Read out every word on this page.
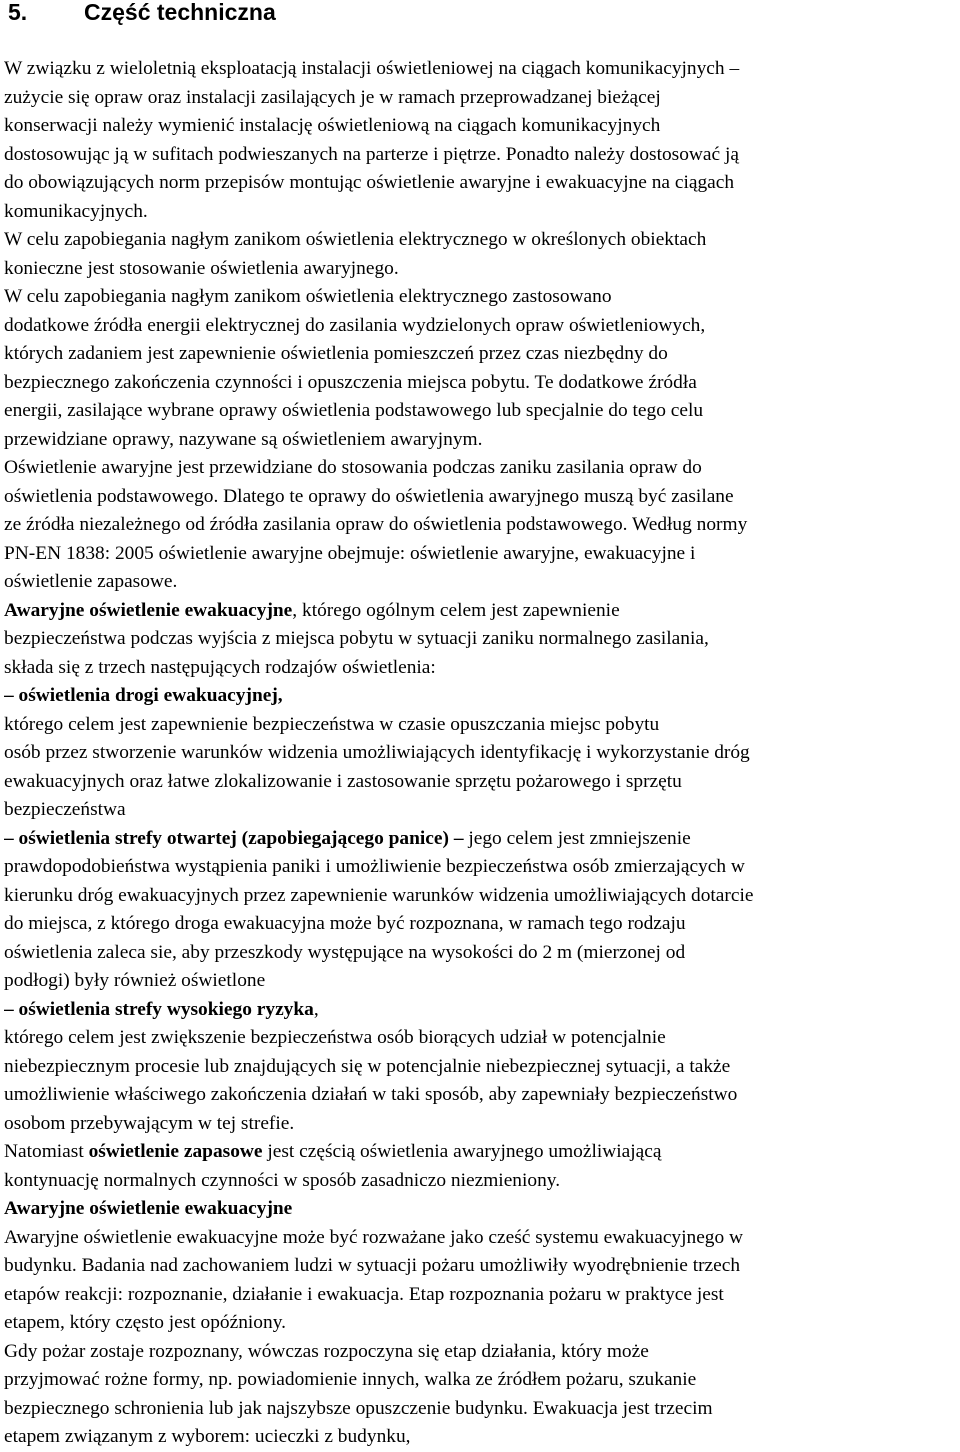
5. Część techniczna
W związku z wieloletnią eksploatacją instalacji oświetleniowej na ciągach komunikacyjnych –
zużycie się opraw oraz instalacji zasilających je w ramach przeprowadzanej bieżącej
konserwacji należy wymienić instalację oświetleniową na ciągach komunikacyjnych
dostosowując ją w sufitach podwieszanych na parterze i piętrze. Ponadto należy dostosować ją
do obowiązujących norm przepisów montując oświetlenie awaryjne i ewakuacyjne na ciągach
komunikacyjnych.
W celu zapobiegania nagłym zanikom oświetlenia elektrycznego w określonych obiektach
konieczne jest stosowanie oświetlenia awaryjnego.
W celu zapobiegania nagłym zanikom oświetlenia elektrycznego zastosowano
dodatkowe źródła energii elektrycznej do zasilania wydzielonych opraw oświetleniowych,
których zadaniem jest zapewnienie oświetlenia pomieszczeń przez czas niezbędny do
bezpiecznego zakończenia czynności i opuszczenia miejsca pobytu. Te dodatkowe źródła
energii, zasilające wybrane oprawy oświetlenia podstawowego lub specjalnie do tego celu
przewidziane oprawy, nazywane są oświetleniem awaryjnym.
Oświetlenie awaryjne jest przewidziane do stosowania podczas zaniku zasilania opraw do
oświetlenia podstawowego. Dlatego te oprawy do oświetlenia awaryjnego muszą być zasilane
ze źródła niezależnego od źródła zasilania opraw do oświetlenia podstawowego. Według normy
PN-EN 1838: 2005 oświetlenie awaryjne obejmuje: oświetlenie awaryjne, ewakuacyjne i
oświetlenie zapasowe.
Awaryjne oświetlenie ewakuacyjne, którego ogólnym celem jest zapewnienie
bezpieczeństwa podczas wyjścia z miejsca pobytu w sytuacji zaniku normalnego zasilania,
składa się z trzech następujących rodzajów oświetlenia:
– oświetlenia drogi ewakuacyjnej,
którego celem jest zapewnienie bezpieczeństwa w czasie opuszczania miejsc pobytu
osób przez stworzenie warunków widzenia umożliwiających identyfikację i wykorzystanie dróg
ewakuacyjnych oraz łatwe zlokalizowanie i zastosowanie sprzętu pożarowego i sprzętu
bezpieczeństwa
– oświetlenia strefy otwartej (zapobiegającego panice) – jego celem jest zmniejszenie
prawdopodobieństwa wystąpienia paniki i umożliwienie bezpieczeństwa osób zmierzających w
kierunku dróg ewakuacyjnych przez zapewnienie warunków widzenia umożliwiających dotarcie
do miejsca, z którego droga ewakuacyjna może być rozpoznana, w ramach tego rodzaju
oświetlenia zaleca sie, aby przeszkody występujące na wysokości do 2 m (mierzonej od
podłogi) były również oświetlone
– oświetlenia strefy wysokiego ryzyka,
którego celem jest zwiększenie bezpieczeństwa osób biorących udział w potencjalnie
niebezpiecznym procesie lub znajdujących się w potencjalnie niebezpiecznej sytuacji, a także
umożliwienie właściwego zakończenia działań w taki sposób, aby zapewniały bezpieczeństwo
osobom przebywającym w tej strefie.
Natomiast oświetlenie zapasowe jest częścią oświetlenia awaryjnego umożliwiającą
kontynuację normalnych czynności w sposób zasadniczo niezmieniony.
Awaryjne oświetlenie ewakuacyjne
Awaryjne oświetlenie ewakuacyjne może być rozważane jako cześć systemu ewakuacyjnego w
budynku. Badania nad zachowaniem ludzi w sytuacji pożaru umożliwiły wyodrębnienie trzech
etapów reakcji: rozpoznanie, działanie i ewakuacja. Etap rozpoznania pożaru w praktyce jest
etapem, który często jest opóźniony.
Gdy pożar zostaje rozpoznany, wówczas rozpoczyna się etap działania, który może
przyjmować rożne formy, np. powiadomienie innych, walka ze źródłem pożaru, szukanie
bezpiecznego schronienia lub jak najszybsze opuszczenie budynku. Ewakuacja jest trzecim
etapem związanym z wyborem: ucieczki z budynku,
